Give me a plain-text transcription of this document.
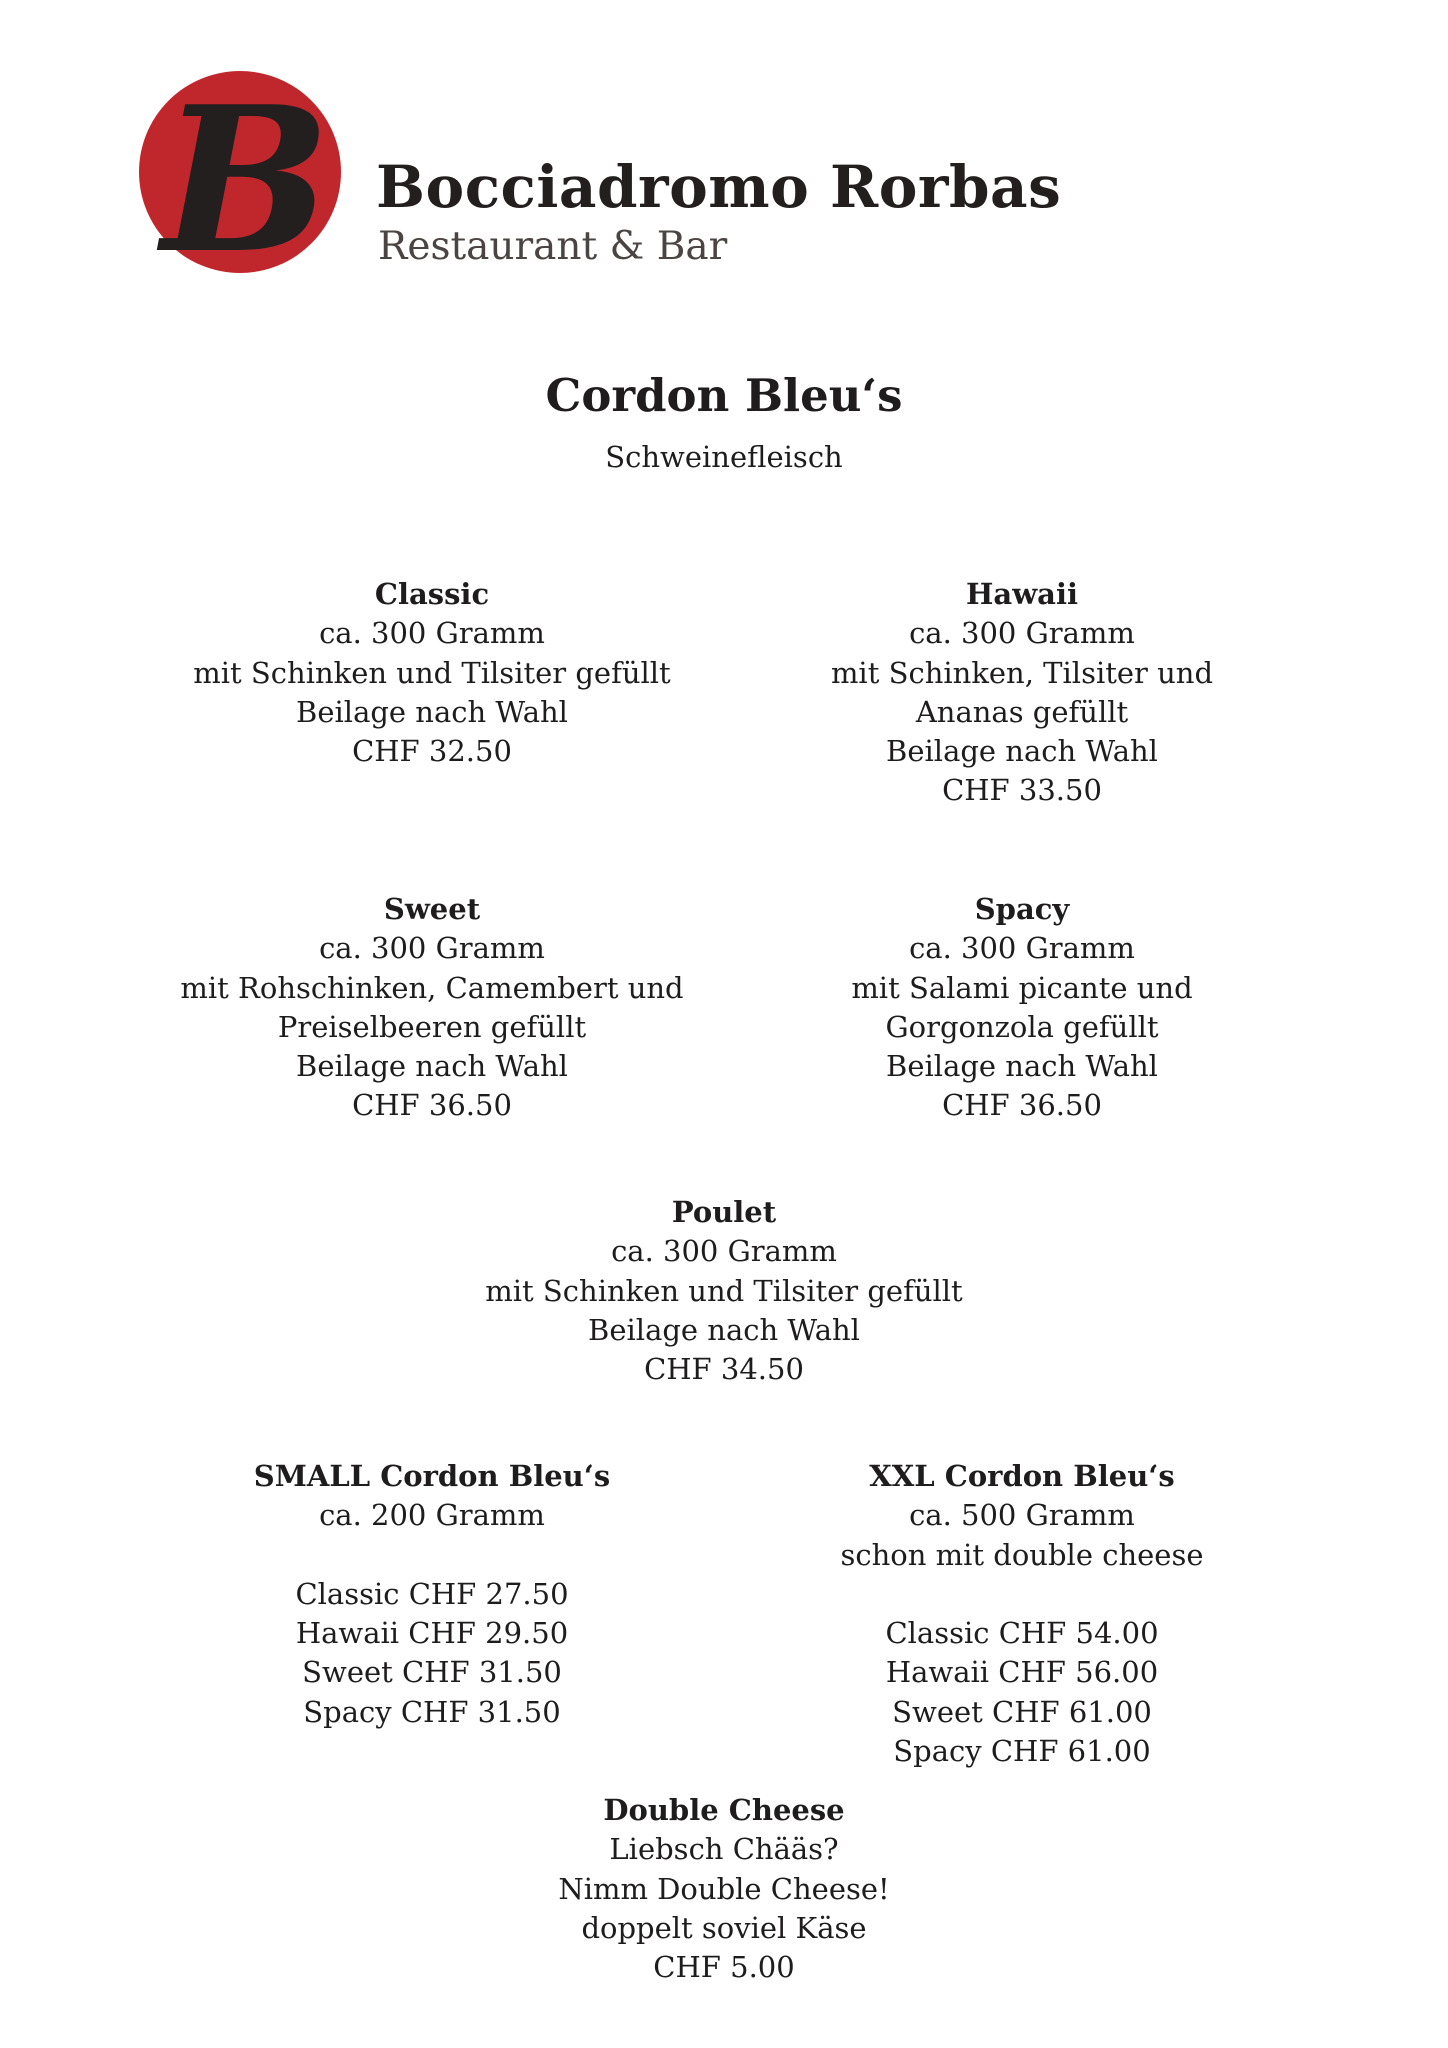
B Bocciadromo Rorbas
Restaurant & Bar
Cordon Bleu‘s
Schweinefleisch
Classic
ca. 300 Gramm
mit Schinken und Tilsiter gefüllt
Beilage nach Wahl
CHF 32.50
Hawaii
ca. 300 Gramm
mit Schinken, Tilsiter und
Ananas gefüllt
Beilage nach Wahl
CHF 33.50
Sweet
ca. 300 Gramm
mit Rohschinken, Camembert und
Preiselbeeren gefüllt
Beilage nach Wahl
CHF 36.50
Spacy
ca. 300 Gramm
mit Salami picante und
Gorgonzola gefüllt
Beilage nach Wahl
CHF 36.50
Poulet
ca. 300 Gramm
mit Schinken und Tilsiter gefüllt
Beilage nach Wahl
CHF 34.50
SMALL Cordon Bleu‘s
ca. 200 Gramm
Classic CHF 27.50
Hawaii CHF 29.50
Sweet CHF 31.50
Spacy CHF 31.50
XXL Cordon Bleu‘s
ca. 500 Gramm
schon mit double cheese
Classic CHF 54.00
Hawaii CHF 56.00
Sweet CHF 61.00
Spacy CHF 61.00
Double Cheese
Liebsch Chääs?
Nimm Double Cheese!
doppelt soviel Käse
CHF 5.00
